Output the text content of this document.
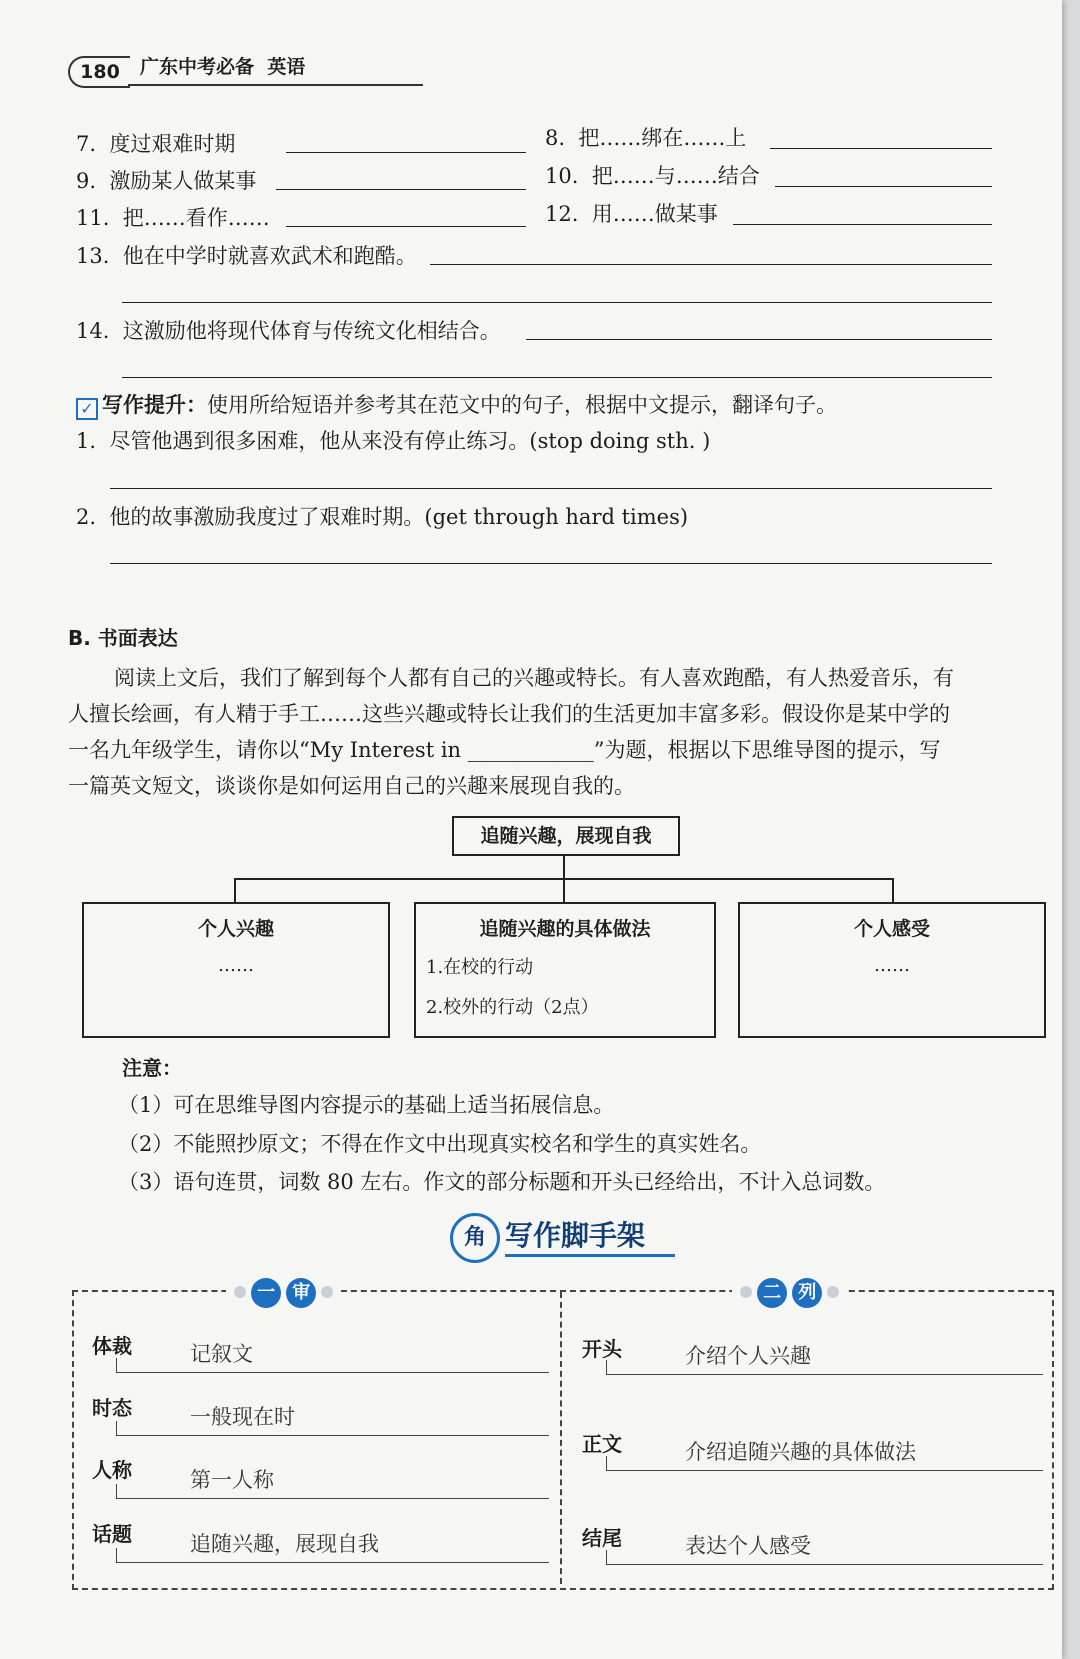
180	广东中考必备 英语
7. 度过艰难时期	8. 把……绑在……上
9. 激励某人做某事	10. 把……与……结合
11. 把……看作……	12. 用……做某事
13. 他在中学时就喜欢武术和跑酷。
14. 这激励他将现代体育与传统文化相结合。
✓ 写作提升：使用所给短语并参考其在范文中的句子，根据中文提示，翻译句子。
1. 尽管他遇到很多困难，他从来没有停止练习。(stop doing sth. )
2. 他的故事激励我度过了艰难时期。(get through hard times)
B. 书面表达
阅读上文后，我们了解到每个人都有自己的兴趣或特长。有人喜欢跑酷，有人热爱音乐，有
人擅长绘画，有人精于手工……这些兴趣或特长让我们的生活更加丰富多彩。假设你是某中学的
一名九年级学生，请你以“My Interest in ____________”为题，根据以下思维导图的提示，写
一篇英文短文，谈谈你是如何运用自己的兴趣来展现自我的。
追随兴趣，展现自我
个人兴趣
……
追随兴趣的具体做法
1.在校的行动
2.校外的行动（2点）
个人感受
……
注意：
（1）可在思维导图内容提示的基础上适当拓展信息。
（2）不能照抄原文；不得在作文中出现真实校名和学生的真实姓名。
（3）语句连贯，词数 80 左右。作文的部分标题和开头已经给出，不计入总词数。
角 写作脚手架
一 审	二 列
体裁	记叙文
时态	一般现在时
人称	第一人称
话题	追随兴趣，展现自我
开头	介绍个人兴趣
正文	介绍追随兴趣的具体做法
结尾	表达个人感受
